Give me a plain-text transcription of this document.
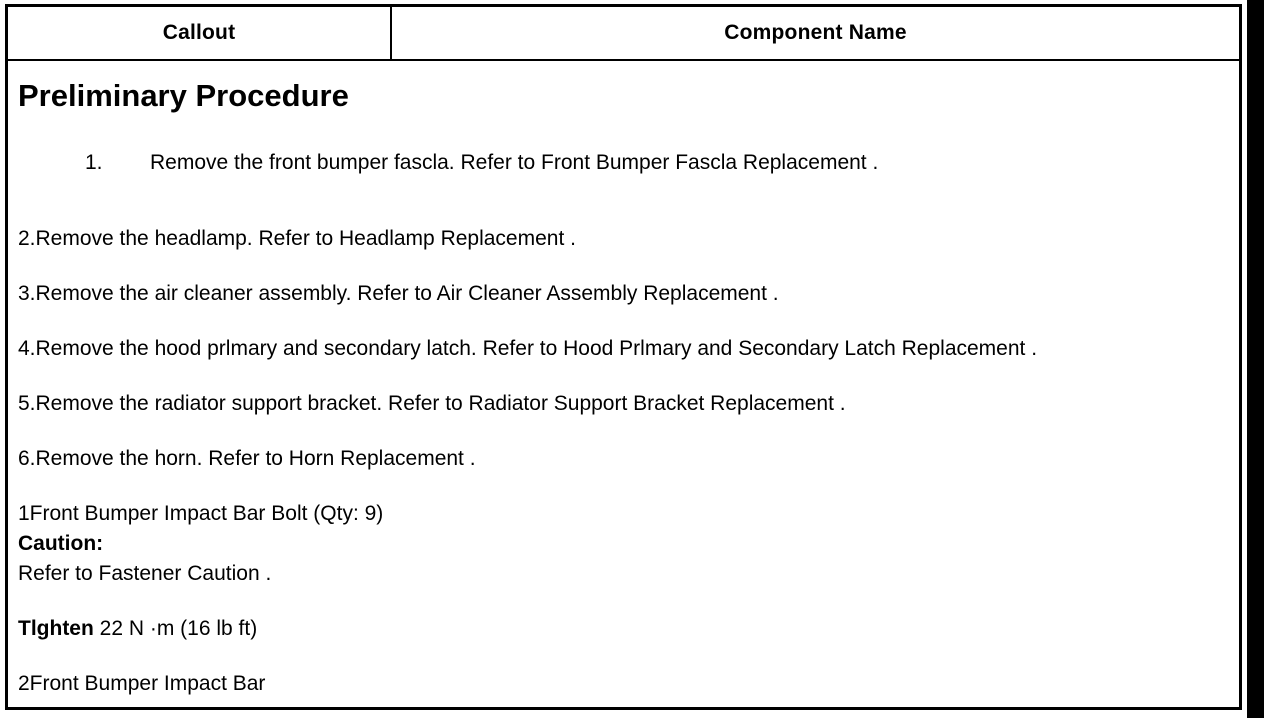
Callout	Component Name
Preliminary Procedure
1. Remove the front bumper fascla. Refer to Front Bumper Fascla Replacement .
2.Remove the headlamp. Refer to Headlamp Replacement .
3.Remove the air cleaner assembly. Refer to Air Cleaner Assembly Replacement .
4.Remove the hood prlmary and secondary latch. Refer to Hood Prlmary and Secondary Latch Replacement .
5.Remove the radiator support bracket. Refer to Radiator Support Bracket Replacement .
6.Remove the horn. Refer to Horn Replacement .
1Front Bumper Impact Bar Bolt (Qty: 9)
Caution:
Refer to Fastener Caution .
Tlghten 22 N ·m (16 lb ft)
2Front Bumper Impact Bar
